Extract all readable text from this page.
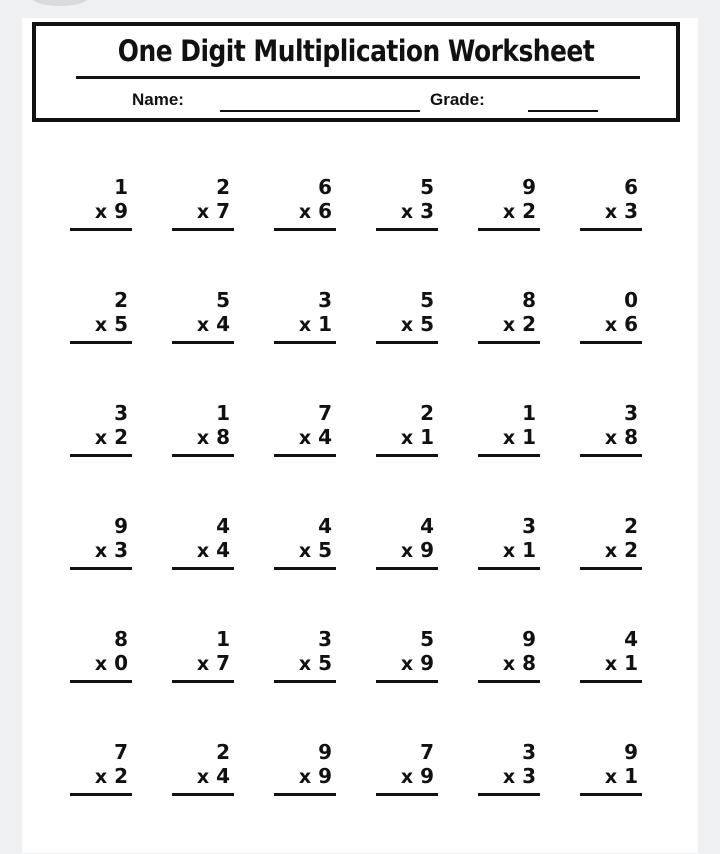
One Digit Multiplication Worksheet
Name:	Grade:
1
x 9
2
x 7
6
x 6
5
x 3
9
x 2
6
x 3
2
x 5
5
x 4
3
x 1
5
x 5
8
x 2
0
x 6
3
x 2
1
x 8
7
x 4
2
x 1
1
x 1
3
x 8
9
x 3
4
x 4
4
x 5
4
x 9
3
x 1
2
x 2
8
x 0
1
x 7
3
x 5
5
x 9
9
x 8
4
x 1
7
x 2
2
x 4
9
x 9
7
x 9
3
x 3
9
x 1
